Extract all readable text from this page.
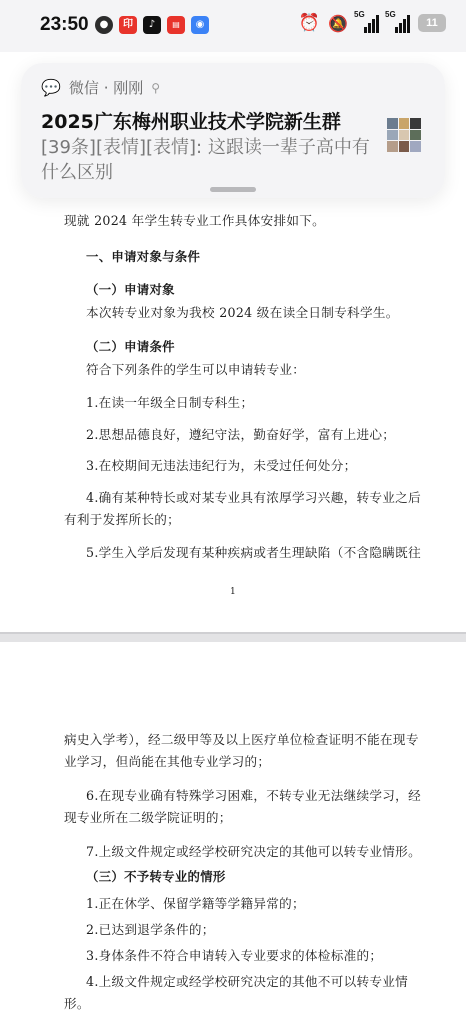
23:50	●	印	♪	▤	◉	⏰ 🔕 5G	5G
11
现就 2024 年学生转专业工作具体安排如下。
一、申请对象与条件
（一）申请对象
本次转专业对象为我校 2024 级在读全日制专科学生。
（二）申请条件
符合下列条件的学生可以申请转专业：
1.在读一年级全日制专科生；
2.思想品德良好，遵纪守法，勤奋好学，富有上进心；
3.在校期间无违法违纪行为，未受过任何处分；
4.确有某种特长或对某专业具有浓厚学习兴趣，转专业之后
有利于发挥所长的；
5.学生入学后发现有某种疾病或者生理缺陷（不含隐瞒既往
1
病史入学考），经二级甲等及以上医疗单位检查证明不能在现专
业学习，但尚能在其他专业学习的；
6.在现专业确有特殊学习困难，不转专业无法继续学习，经
现专业所在二级学院证明的；
7.上级文件规定或经学校研究决定的其他可以转专业情形。
（三）不予转专业的情形
1.正在休学、保留学籍等学籍异常的；
2.已达到退学条件的；
3.身体条件不符合申请转入专业要求的体检标准的；
4.上级文件规定或经学校研究决定的其他不可以转专业情
形。
💬 微信 · 刚刚 ⚲
2025广东梅州职业技术学院新生群
[39条][表情][表情]: 这跟读一辈子高中有什么区别
